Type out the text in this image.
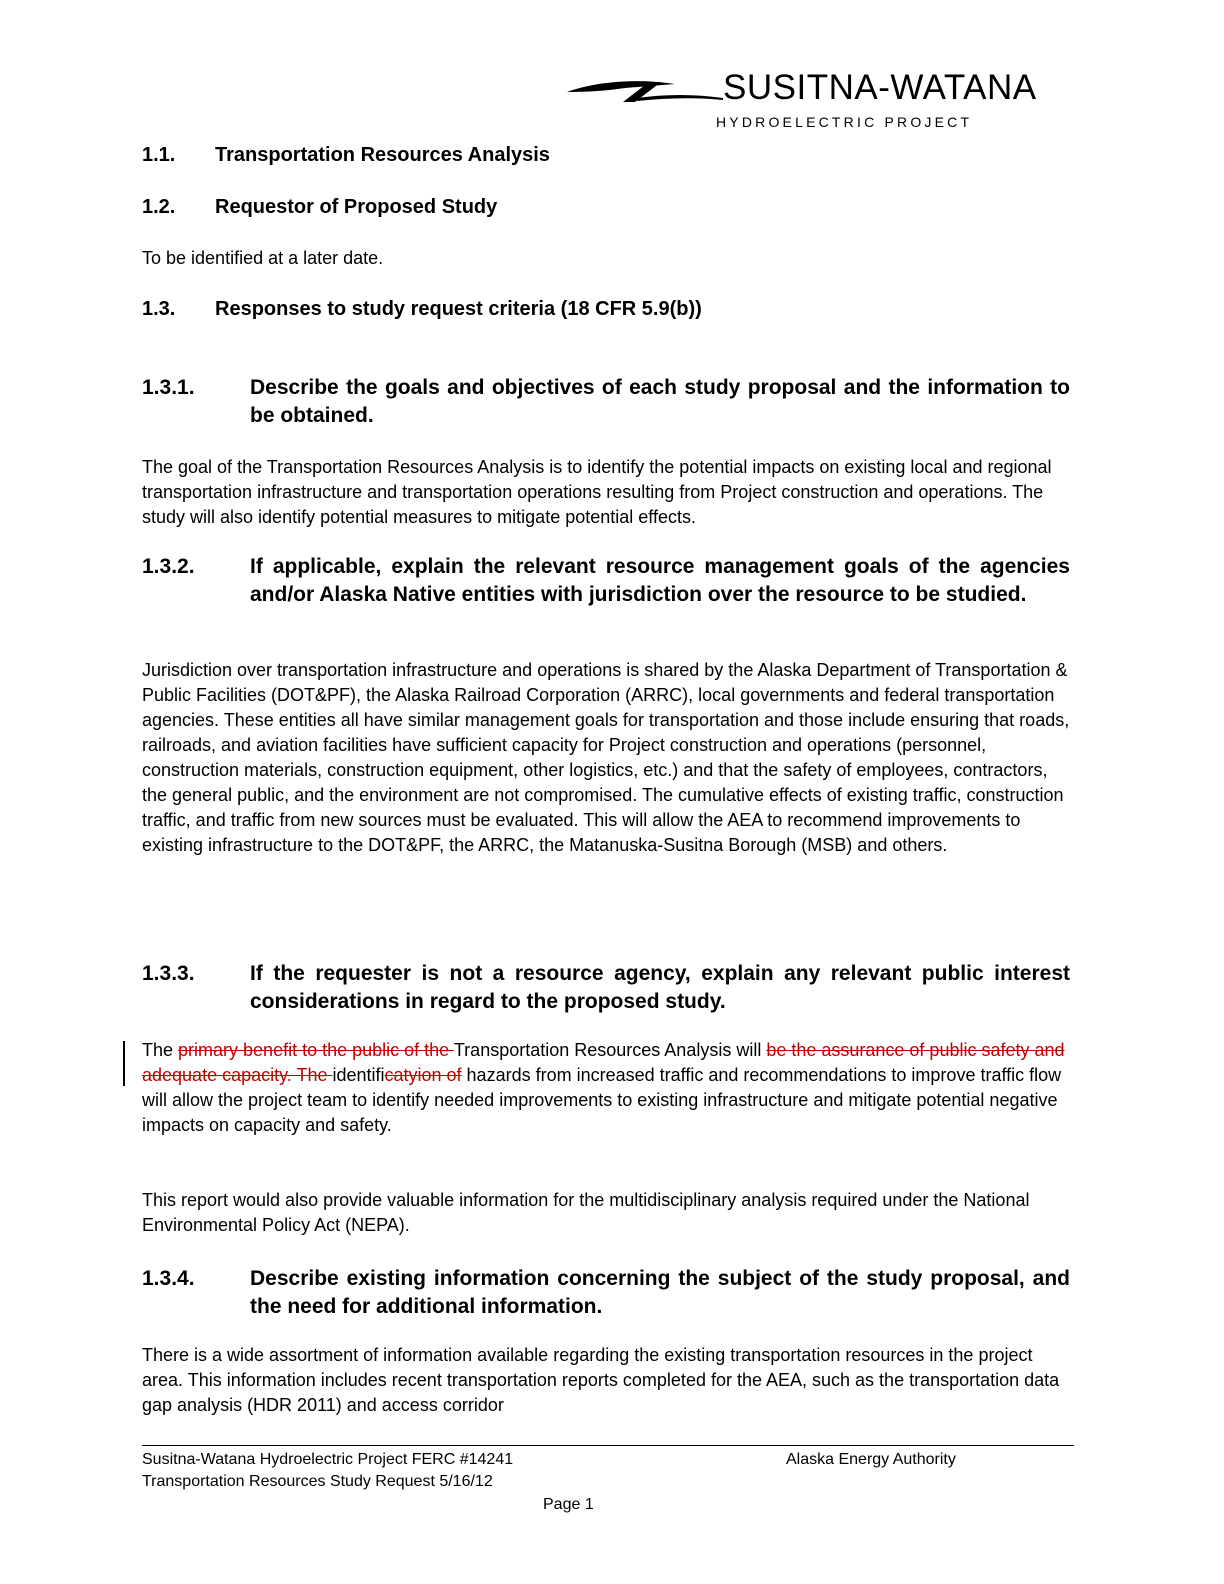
SUSITNA-WATANA
HYDROELECTRIC PROJECT
1.1. Transportation Resources Analysis
1.2. Requestor of Proposed Study
To be identified at a later date.
1.3. Responses to study request criteria (18 CFR 5.9(b))
1.3.1.	Describe the goals and objectives of each study proposal and the information to be obtained.
The goal of the Transportation Resources Analysis is to identify the potential impacts on existing local and regional transportation infrastructure and transportation operations resulting from Project construction and operations. The study will also identify potential measures to mitigate potential effects.
1.3.2.	If applicable, explain the relevant resource management goals of the agencies and/or Alaska Native entities with jurisdiction over the resource to be studied.
Jurisdiction over transportation infrastructure and operations is shared by the Alaska Department of Transportation & Public Facilities (DOT&PF), the Alaska Railroad Corporation (ARRC), local governments and federal transportation agencies. These entities all have similar management goals for transportation and those include ensuring that roads, railroads, and aviation facilities have sufficient capacity for Project construction and operations (personnel, construction materials, construction equipment, other logistics, etc.) and that the safety of employees, contractors, the general public, and the environment are not compromised. The cumulative effects of existing traffic, construction traffic, and traffic from new sources must be evaluated. This will allow the AEA to recommend improvements to existing infrastructure to the DOT&PF, the ARRC, the Matanuska-Susitna Borough (MSB) and others.
1.3.3.	If the requester is not a resource agency, explain any relevant public interest considerations in regard to the proposed study.
The primary benefit to the public of the Transportation Resources Analysis will be the assurance of public safety and adequate capacity. The identificatyion of hazards from increased traffic and recommendations to improve traffic flow will allow the project team to identify needed improvements to existing infrastructure and mitigate potential negative impacts on capacity and safety.
This report would also provide valuable information for the multidisciplinary analysis required under the National Environmental Policy Act (NEPA).
1.3.4.	Describe existing information concerning the subject of the study proposal, and the need for additional information.
There is a wide assortment of information available regarding the existing transportation resources in the project area. This information includes recent transportation reports completed for the AEA, such as the transportation data gap analysis (HDR 2011) and access corridor
Susitna-Watana Hydroelectric Project FERC #14241
Transportation Resources Study Request 5/16/12
Alaska Energy Authority
Page 1
